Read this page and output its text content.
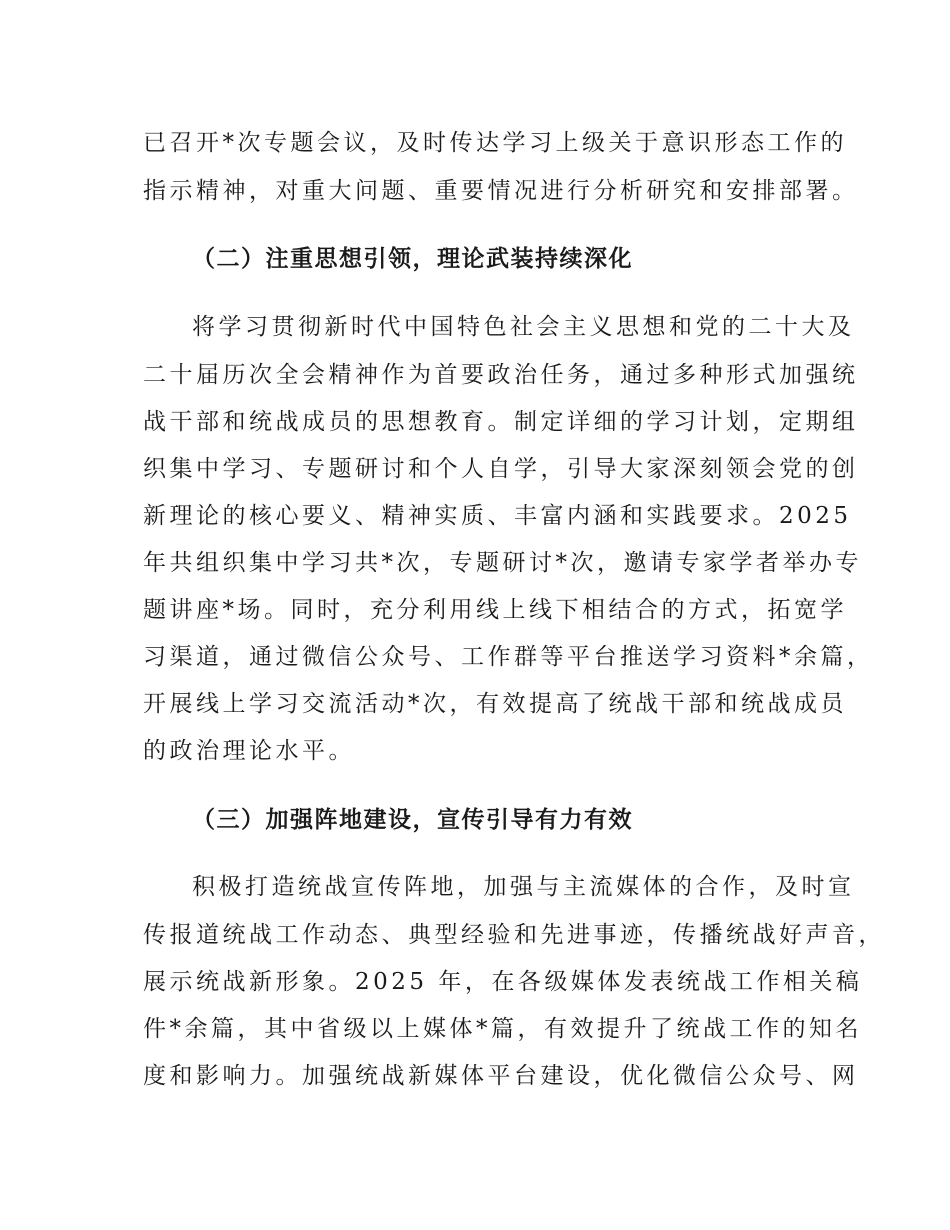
已召开*次专题会议，及时传达学习上级关于意识形态工作的
指示精神，对重大问题、重要情况进行分析研究和安排部署。
（二）注重思想引领，理论武装持续深化
将学习贯彻新时代中国特色社会主义思想和党的二十大及
二十届历次全会精神作为首要政治任务，通过多种形式加强统
战干部和统战成员的思想教育。制定详细的学习计划，定期组
织集中学习、专题研讨和个人自学，引导大家深刻领会党的创
新理论的核心要义、精神实质、丰富内涵和实践要求。2025
年共组织集中学习共*次，专题研讨*次，邀请专家学者举办专
题讲座*场。同时，充分利用线上线下相结合的方式，拓宽学
习渠道，通过微信公众号、工作群等平台推送学习资料*余篇，
开展线上学习交流活动*次，有效提高了统战干部和统战成员
的政治理论水平。
（三）加强阵地建设，宣传引导有力有效
积极打造统战宣传阵地，加强与主流媒体的合作，及时宣
传报道统战工作动态、典型经验和先进事迹，传播统战好声音，
展示统战新形象。2025 年，在各级媒体发表统战工作相关稿
件*余篇，其中省级以上媒体*篇，有效提升了统战工作的知名
度和影响力。加强统战新媒体平台建设，优化微信公众号、网
